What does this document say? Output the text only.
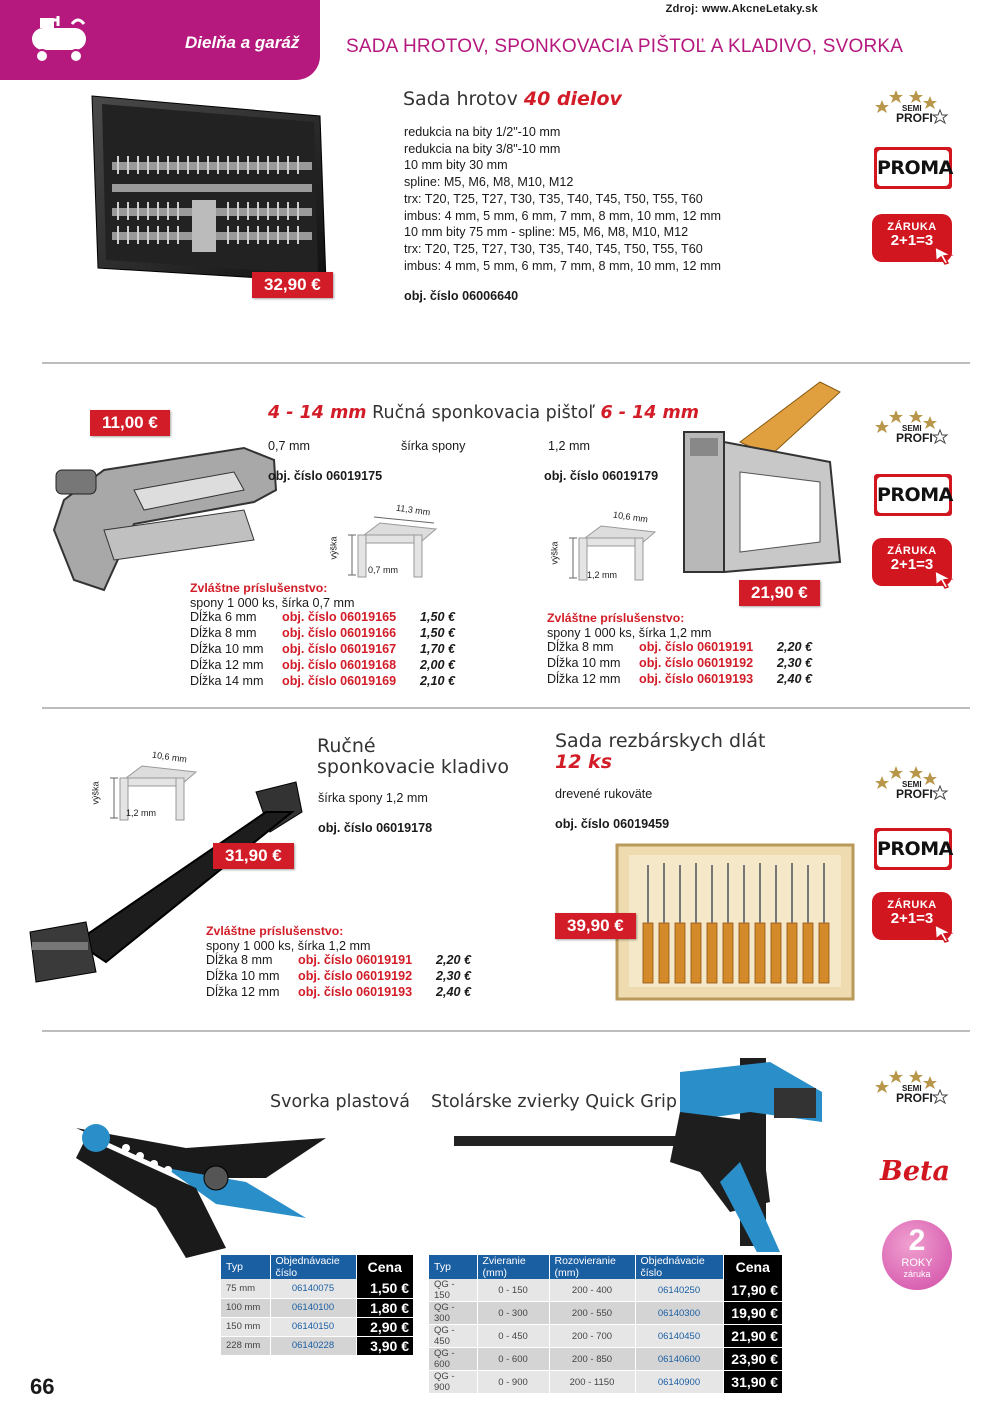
Dielňa a garáž
Zdroj: www.AkcneLetaky.sk
SADA HROTOV, SPONKOVACIA PIŠTOĽ A KLADIVO, SVORKA
32,90 €
Sada hrotov 40 dielov
redukcia na bity 1/2"-10 mm
redukcia na bity 3/8"-10 mm
10 mm bity 30 mm
spline: M5, M6, M8, M10, M12
trx: T20, T25, T27, T30, T35, T40, T45, T50, T55, T60
imbus: 4 mm, 5 mm, 6 mm, 7 mm, 8 mm, 10 mm, 12 mm
10 mm bity 75 mm - spline: M5, M6, M8, M10, M12
trx: T20, T25, T27, T30, T35, T40, T45, T50, T55, T60
imbus: 4 mm, 5 mm, 6 mm, 7 mm, 8 mm, 10 mm, 12 mm
obj. číslo 06006640
SEMI
PROFI
PROMA
ZÁRUKA
2+1=3
11,00 €	4 - 14 mm Ručná sponkovacia pištoľ 6 - 14 mm
0,7 mm	šírka spony	1,2 mm
obj. číslo 06019175	obj. číslo 06019179
11,3 mm
výška
0,7 mm
10,6 mm
výška
1,2 mm
21,90 €
Zvláštne príslušenstvo:
spony 1 000 ks, šírka 0,7 mm
Dĺžka 6 mm obj. číslo 06019165 1,50 €
Dĺžka 8 mm obj. číslo 06019166 1,50 €
Dĺžka 10 mm obj. číslo 06019167 1,70 €
Dĺžka 12 mm obj. číslo 06019168 2,00 €
Dĺžka 14 mm obj. číslo 06019169 2,10 €
Zvláštne príslušenstvo:
spony 1 000 ks, šírka 1,2 mm
Dĺžka 8 mm obj. číslo 06019191 2,20 €
Dĺžka 10 mm obj. číslo 06019192 2,30 €
Dĺžka 12 mm obj. číslo 06019193 2,40 €
SEMI
PROFI
PROMA
ZÁRUKA
2+1=3
10,6 mm
výška
1,2 mm
31,90 €
Ručné
sponkovacie kladivo
šírka spony 1,2 mm
obj. číslo 06019178
Zvláštne príslušenstvo:
spony 1 000 ks, šírka 1,2 mm
Dĺžka 8 mm obj. číslo 06019191 2,20 €
Dĺžka 10 mm obj. číslo 06019192 2,30 €
Dĺžka 12 mm obj. číslo 06019193 2,40 €
Sada rezbárskych dlát
12 ks
drevené rukoväte
obj. číslo 06019459
39,90 €
SEMI
PROFI
PROMA
ZÁRUKA
2+1=3
Svorka plastová Stolárske zvierky Quick Grip
Typ	Objednávacie číslo	Cena
75 mm	06140075	1,50 €
100 mm	06140100	1,80 €
150 mm	06140150	2,90 €
228 mm	06140228	3,90 €
Typ	Zvieranie (mm)	Rozovieranie (mm)	Objednávacie číslo	Cena
QG - 150	0 - 150	200 - 400	06140250	17,90 €
QG - 300	0 - 300	200 - 550	06140300	19,90 €
QG - 450	0 - 450	200 - 700	06140450	21,90 €
QG - 600	0 - 600	200 - 850	06140600	23,90 €
QG - 900	0 - 900	200 - 1150	06140900	31,90 €
SEMI
PROFI
Beta
2
ROKY
záruka
66
